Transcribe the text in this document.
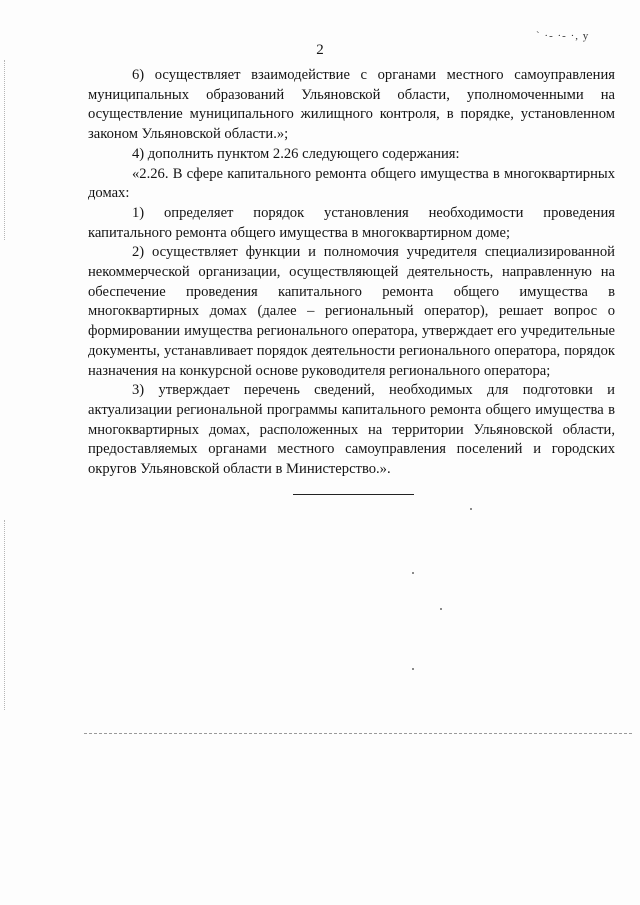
` ·- ·- ·, у
2

6) осуществляет взаимодействие с органами местного самоуправления муниципальных образований Ульяновской области, уполномоченными на осуществление муниципального жилищного контроля, в порядке, установленном законом Ульяновской области.»;

4) дополнить пунктом 2.26 следующего содержания:

«2.26. В сфере капитального ремонта общего имущества в многоквартирных домах:

1) определяет порядок установления необходимости проведения капитального ремонта общего имущества в многоквартирном доме;

2) осуществляет функции и полномочия учредителя специализированной некоммерческой организации, осуществляющей деятельность, направленную на обеспечение проведения капитального ремонта общего имущества в многоквартирных домах (далее – региональный оператор), решает вопрос о формировании имущества регионального оператора, утверждает его учредительные документы, устанавливает порядок деятельности регионального оператора, порядок назначения на конкурсной основе руководителя регионального оператора;

3) утверждает перечень сведений, необходимых для подготовки и актуализации региональной программы капитального ремонта общего имущества в многоквартирных домах, расположенных на территории Ульяновской области, предоставляемых органами местного самоуправления поселений и городских округов Ульяновской области в Министерство.».
